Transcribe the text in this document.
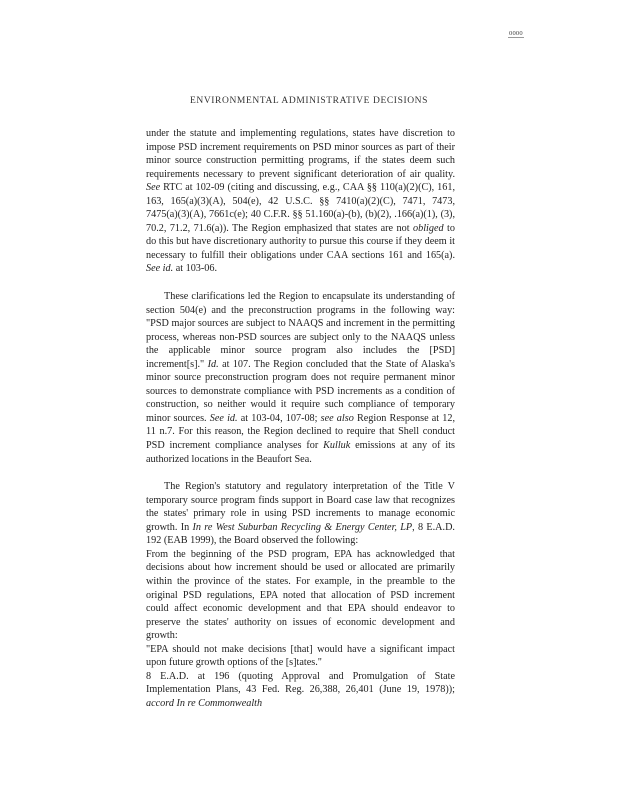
0000
ENVIRONMENTAL ADMINISTRATIVE DECISIONS

under the statute and implementing regulations, states have discretion to impose PSD increment requirements on PSD minor sources as part of their minor source construction permitting programs, if the states deem such requirements necessary to prevent significant deterioration of air quality. See RTC at 102-09 (citing and discussing, e.g., CAA §§ 110(a)(2)(C), 161, 163, 165(a)(3)(A), 504(e), 42 U.S.C. §§ 7410(a)(2)(C), 7471, 7473, 7475(a)(3)(A), 7661c(e); 40 C.F.R. §§ 51.160(a)-(b), (b)(2), .166(a)(1), (3), 70.2, 71.2, 71.6(a)). The Region emphasized that states are not obliged to do this but have discretionary authority to pursue this course if they deem it necessary to fulfill their obligations under CAA sections 161 and 165(a). See id. at 103-06.

These clarifications led the Region to encapsulate its understanding of section 504(e) and the preconstruction programs in the following way: "PSD major sources are subject to NAAQS and increment in the permitting process, whereas non-PSD sources are subject only to the NAAQS unless the applicable minor source program also includes the [PSD] increment[s]." Id. at 107. The Region concluded that the State of Alaska's minor source preconstruction program does not require permanent minor sources to demonstrate compliance with PSD increments as a condition of construction, so neither would it require such compliance of temporary minor sources. See id. at 103-04, 107-08; see also Region Response at 12, 11 n.7. For this reason, the Region declined to require that Shell conduct PSD increment compliance analyses for Kulluk emissions at any of its authorized locations in the Beaufort Sea.

The Region's statutory and regulatory interpretation of the Title V temporary source program finds support in Board case law that recognizes the states' primary role in using PSD increments to manage economic growth. In In re West Suburban Recycling & Energy Center, LP, 8 E.A.D. 192 (EAB 1999), the Board observed the following:

From the beginning of the PSD program, EPA has acknowledged that decisions about how increment should be used or allocated are primarily within the province of the states. For example, in the preamble to the original PSD regulations, EPA noted that allocation of PSD increment could affect economic development and that EPA should endeavor to preserve the states' authority on issues of economic development and growth:

"EPA should not make decisions [that] would have a significant impact upon future growth options of the [s]tates."

8 E.A.D. at 196 (quoting Approval and Promulgation of State Implementation Plans, 43 Fed. Reg. 26,388, 26,401 (June 19, 1978)); accord In re Commonwealth
